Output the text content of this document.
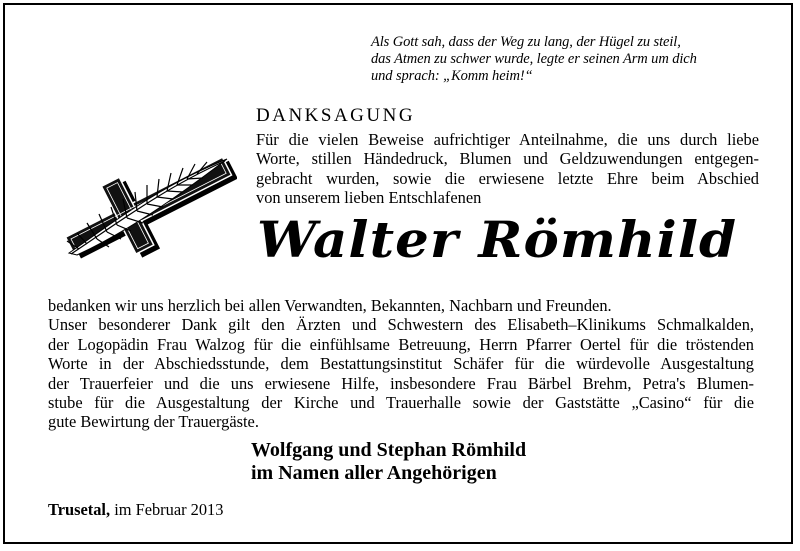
Als Gott sah, dass der Weg zu lang, der Hügel zu steil,
das Atmen zu schwer wurde, legte er seinen Arm um dich
und sprach: „Komm heim!“
DANKSAGUNG
Für die vielen Beweise aufrichtiger Anteilnahme, die uns durch liebe
Worte, stillen Händedruck, Blumen und Geldzuwendungen entgegen-
gebracht wurden, sowie die erwiesene letzte Ehre beim Abschied
von unserem lieben Entschlafenen
Walter Römhild
bedanken wir uns herzlich bei allen Verwandten, Bekannten, Nachbarn und Freunden.
Unser besonderer Dank gilt den Ärzten und Schwestern des Elisabeth–Klinikums Schmalkalden,
der Logopädin Frau Walzog für die einfühlsame Betreuung, Herrn Pfarrer Oertel für die tröstenden
Worte in der Abschiedsstunde, dem Bestattungsinstitut Schäfer für die würdevolle Ausgestaltung
der Trauerfeier und die uns erwiesene Hilfe, insbesondere Frau Bärbel Brehm, Petra's Blumen-
stube für die Ausgestaltung der Kirche und Trauerhalle sowie der Gaststätte „Casino“ für die
gute Bewirtung der Trauergäste.
Wolfgang und Stephan Römhild
im Namen aller Angehörigen
Trusetal, im Februar 2013
